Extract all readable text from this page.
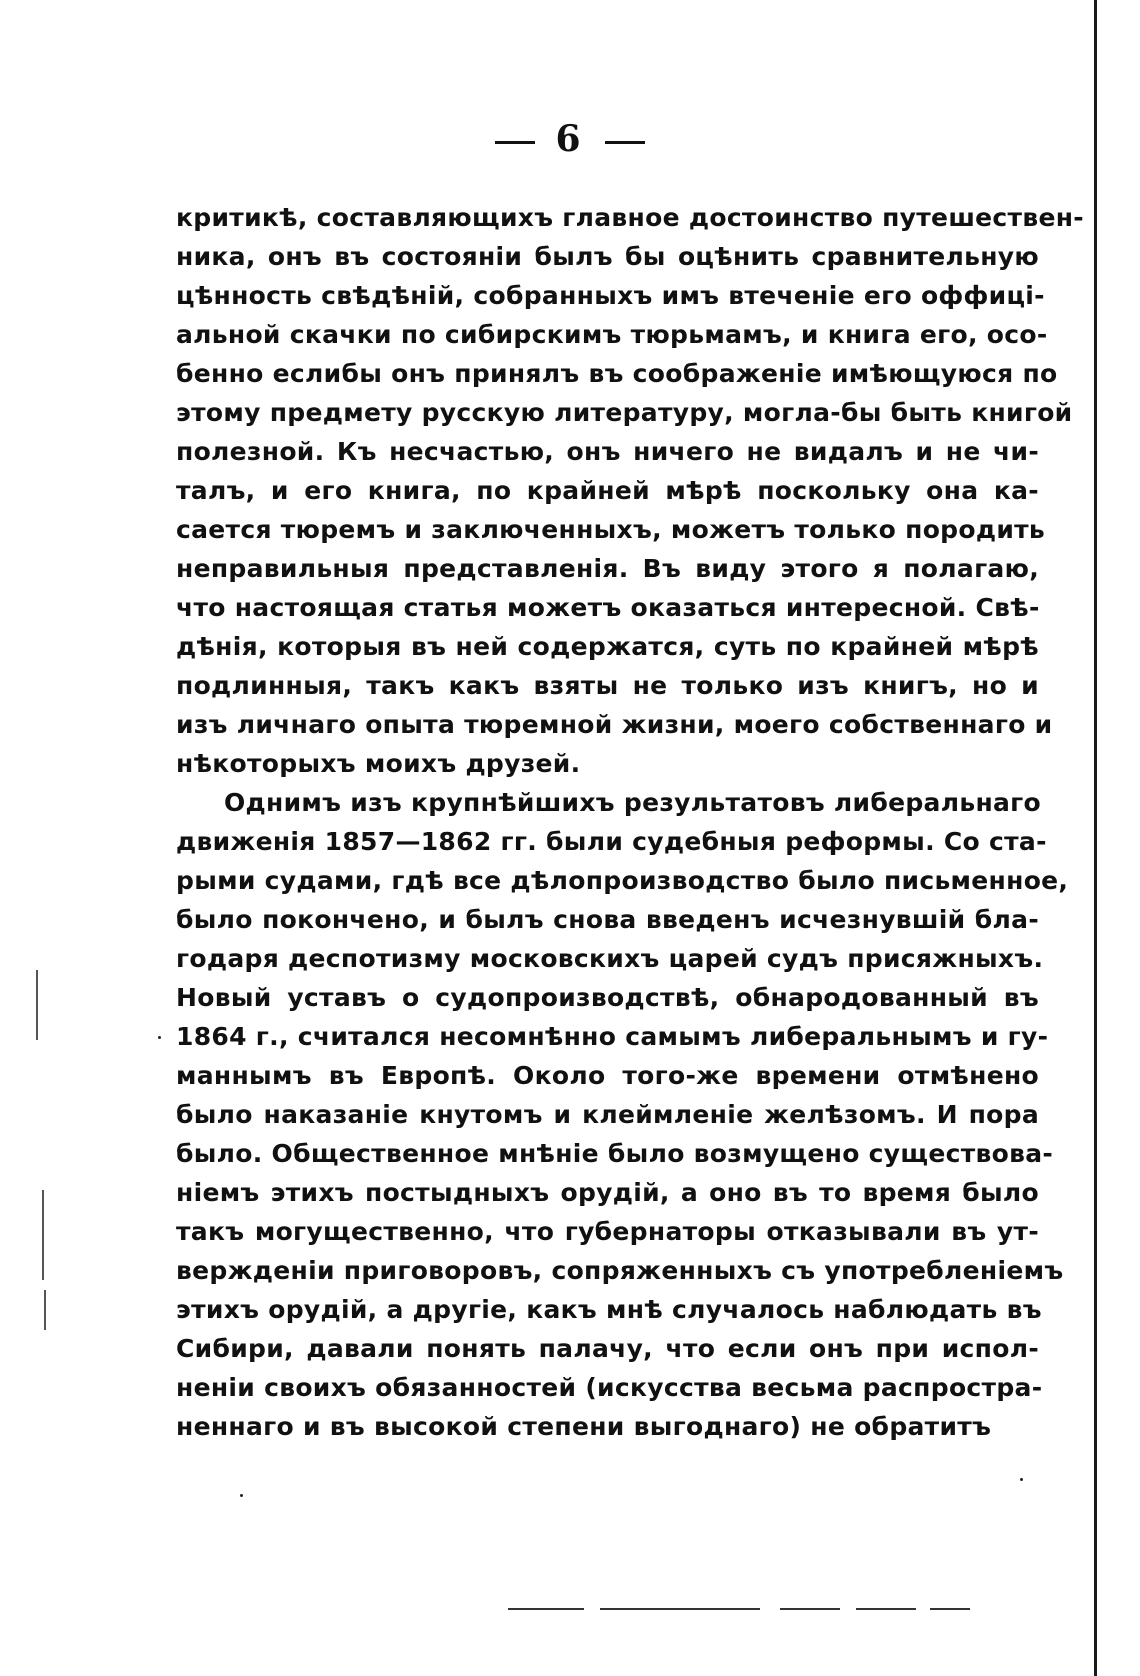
6
критикѣ, составляющихъ главное достоинство путешествен-
ника, онъ въ состоянiи былъ бы оцѣнить сравнительную
цѣнность свѣдѣнiй, собранныхъ имъ втеченiе его оффицi-
альной скачки по сибирскимъ тюрьмамъ, и книга его, осо-
бенно еслибы онъ принялъ въ соображенiе имѣющуюся по
этому предмету русскую литературу, могла-бы быть книгой
полезной. Къ несчастью, онъ ничего не видалъ и не чи-
талъ, и его книга, по крайней мѣрѣ поскольку она ка-
сается тюремъ и заключенныхъ, можетъ только породить
неправильныя представленiя. Въ виду этого я полагаю,
что настоящая статья можетъ оказаться интересной. Свѣ-
дѣнiя, которыя въ ней содержатся, суть по крайней мѣрѣ
подлинныя, такъ какъ взяты не только изъ книгъ, но и
изъ личнаго опыта тюремной жизни, моего собственнаго и
нѣкоторыхъ моихъ друзей.
Однимъ изъ крупнѣйшихъ результатовъ либеральнаго
движенiя 1857—1862 гг. были судебныя реформы. Со ста-
рыми судами, гдѣ все дѣлопроизводство было письменное,
было покончено, и былъ снова введенъ исчезнувшiй бла-
годаря деспотизму московскихъ царей судъ присяжныхъ.
Новый уставъ о судопроизводствѣ, обнародованный въ
1864 г., считался несомнѣнно самымъ либеральнымъ и гу-
маннымъ въ Европѣ. Около того-же времени отмѣнено
было наказанiе кнутомъ и клеймленiе желѣзомъ. И пора
было. Общественное мнѣнiе было возмущено существова-
нiемъ этихъ постыдныхъ орудiй, а оно въ то время было
такъ могущественно, что губернаторы отказывали въ ут-
вержденiи приговоровъ, сопряженныхъ съ употребленiемъ
этихъ орудiй, а другiе, какъ мнѣ случалось наблюдать въ
Сибири, давали понять палачу, что если онъ при испол-
ненiи своихъ обязанностей (искусства весьма распростра-
неннаго и въ высокой степени выгоднаго) не обратитъ
